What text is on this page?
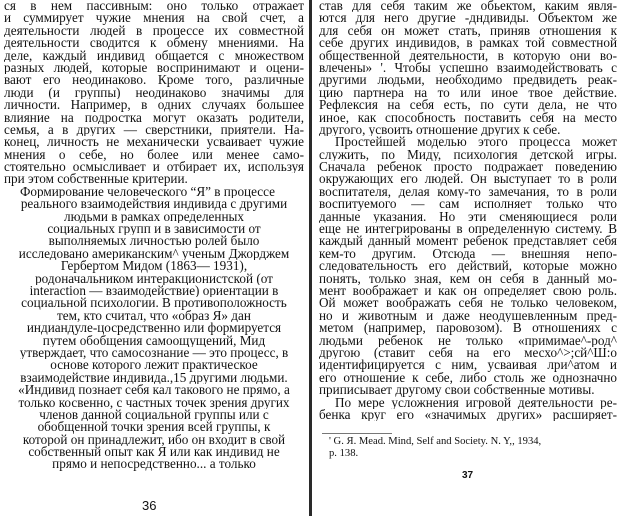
ся в нем пассивным: оно только отражает
и суммирует чужие мнения на свой счет, а
деятельности людей в процессе их совместной
деятельности сводится к обмену мнениями. На
деле, каждый индивид общается с множеством
разных людей, которые воспринимают и оцени-
вают его неодинаково. Кроме того, различные
люди (и группы) неодинаково значимы для
личности. Например, в одних случаях большее
влияние на подростка могут оказать родители,
семья, а в других — сверстники, приятели. На-
конец, личность не механически усваивает чужие
мнения о себе, но более или менее само-
стоятельно осмысливает и отбирает их, используя
при этом собственные критерии.
Формирование человеческого “Я” в процессе
реального взаимодействия индивида с другими
людьми в рамках определенных
социальных групп и в зависимости от
выполняемых личностью ролей было
исследовано американским^ ученым Джорджем
Гербертом Мидом (1863— 1931),
родоначальником интеракционистской (от
interaction — взаимодействие) ориентации в
социальной психологии. В противоположность
тем, кто считал, что «образ Я» дан
индиандуле-цосредственно или формируется
путем обобщения самоощущений, Мид
утверждает, что самосознание — это процесс, в
основе которого лежит практическое
взаимодействие индивида.,15 другими людьми.
«Индивид познает себя кал такового не прямо, а
только косвенно, с частных точек зрения других
членов данной социальной группы или с
обобщенной точки зрения всей группы, к
которой он принадлежит, ибо он входит в свой
собственный опыт как Я или как индивид не
прямо и непосредственно... а только
став для себя таким же обьектом, каким явля-
ются для него другие -дндивиды. Объектом же
для себя он может стать, приняв отношения к
себе других индивидов, в рамках той совместной
общественной деятельности, в которую они во-
влечены» '. Чтобы успешно взаимодействовать с
другими людьми, необходимо предвидеть реак-
цию партнера на то или иное твое действие.
Рефлексия на себя есть, по сути дела, не что
иное, как способность поставить себя на место
другого, усвоить отношение других к себе.
Простейшей моделью этого процесса может
служить, по Миду, психология детской игры.
Сначала ребенок просто подражает поведению
окружающих его людей. Он выступает то в роли
воспитателя, делая кому-то замечания, то в роли
воспитуемого — сам исполняет только что
данные указания. Но эти сменяющиеся роли
еще не интегрированы в определенную систему. В
каждый данный момент ребенок представляет себя
кем-то другим. Отсюда — внешняя непо-
следовательность его действий, которые можно
понять, только зная, кем он себя в данный мо-
мент воображает и как он определяет свою роль.
Ой может воображать себя не только человеком,
но и животным и даже неодушевленным пред-
метом (например, паровозом). В отношениях с
людьми ребенок не только «примимае^-род^
другою (ставит себя на его месхо^>;сй^Ш:о
идентифицируется с ним, усваивая лри^атом и
его отношение к себе, либо столь же однозначно
приписывает другому свои собственные мотивы.
По мере усложнения игровой деятельности ре-
бенка круг его «значимых других» расширяет-
' G. Я. Mead. Mind, Self and Society. N. Y,, 1934,
p. 138.
36
37
